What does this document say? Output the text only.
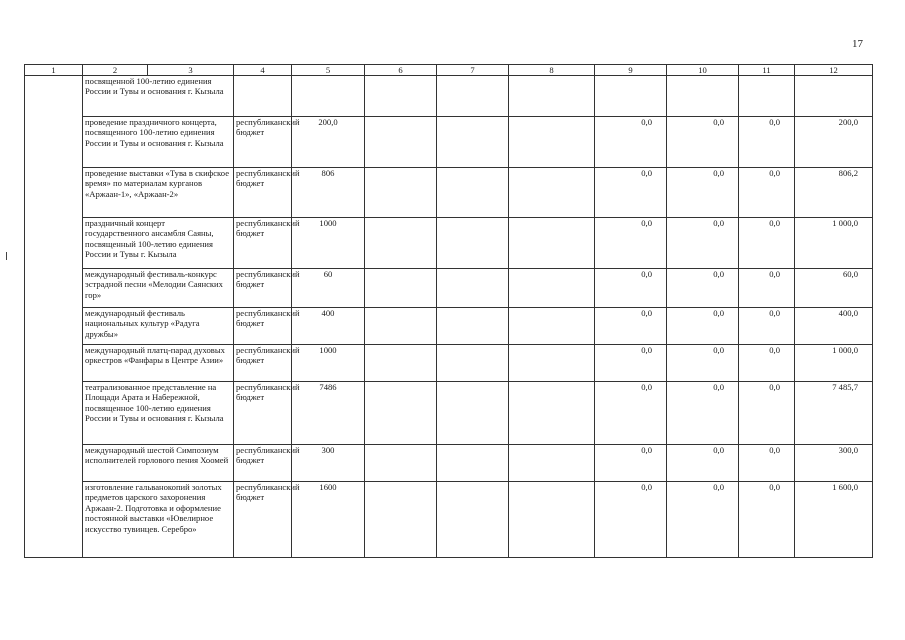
17
1	2	3	4	5	6	7	8	9	10	11	12
	посвященной 100-летию единения России и Тувы и основания г. Кызыла										
	проведение праздничного концерта, посвященного 100-летию единения России и Тувы и основания г. Кызыла		республиканский бюджет	200,0				0,0	0,0	0,0	200,0
	проведение выставки «Тува в скифское время» по материалам курганов «Аржаан-1», «Аржаан-2»		республиканский бюджет	806				0,0	0,0	0,0	806,2
	праздничный концерт государственного ансамбля Саяны, посвященный 100-летию единения России и Тувы г. Кызыла		республиканский бюджет	1000				0,0	0,0	0,0	1 000,0
	международный фестиваль-конкурс эстрадной песни «Мелодии Саянских гор»		республиканский бюджет	60				0,0	0,0	0,0	60,0
	международный фестиваль национальных культур «Радуга дружбы»		республиканский бюджет	400				0,0	0,0	0,0	400,0
	международный платц-парад духовых оркестров «Фанфары в Центре Азии»		республиканский бюджет	1000				0,0	0,0	0,0	1 000,0
	театрализованное представление на Площади Арата и Набережной, посвященное 100-летию единения России и Тувы и основания г. Кызыла		республиканский бюджет	7486				0,0	0,0	0,0	7 485,7
	международный шестой Симпозиум исполнителей горлового пения Хоомей		республиканский бюджет	300				0,0	0,0	0,0	300,0
	изготовление гальванокопий золотых предметов царского захоронения Аржаан-2. Подготовка и оформление постоянной выставки «Ювелирное искусство тувинцев. Серебро»		республиканский бюджет	1600				0,0	0,0	0,0	1 600,0
